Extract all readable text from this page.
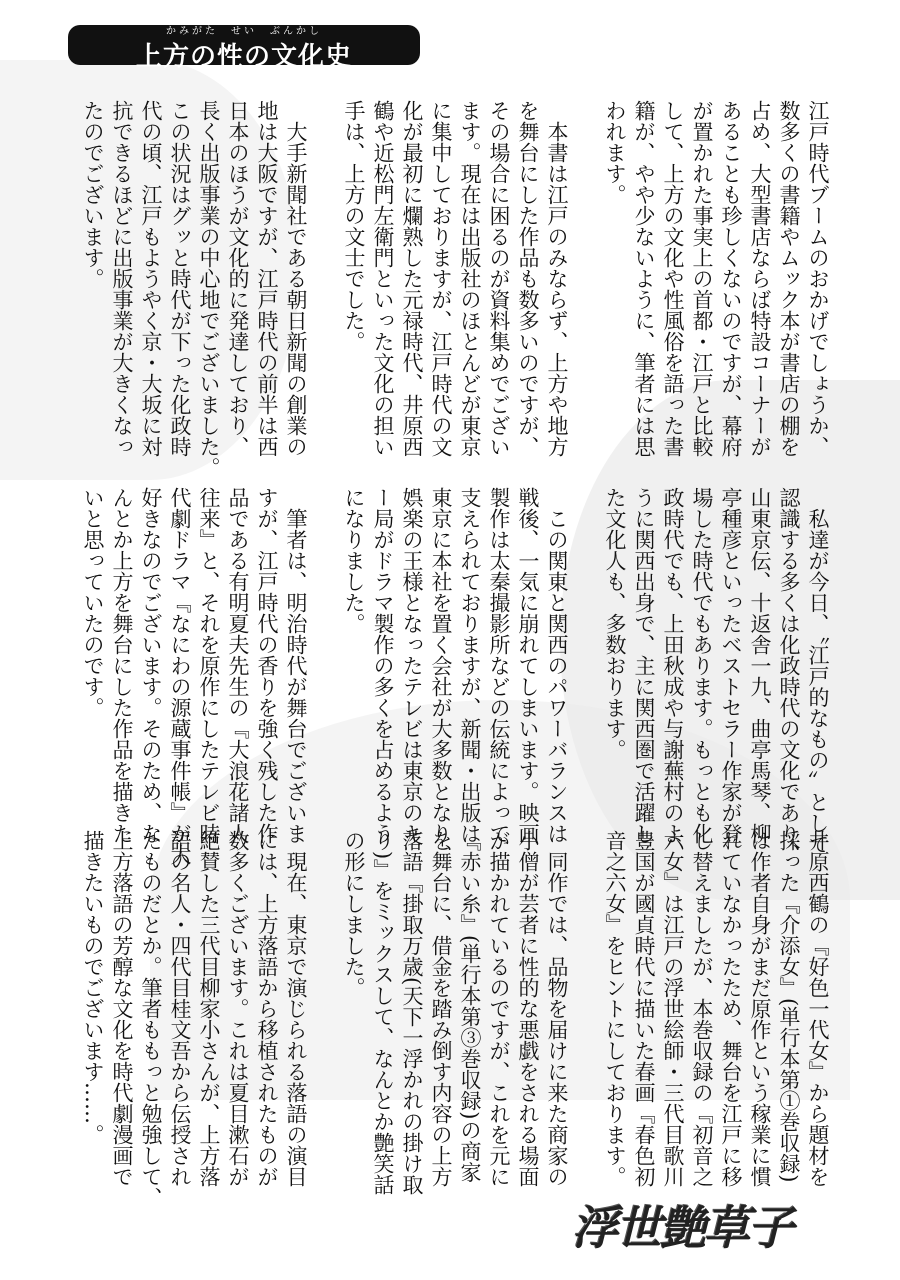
かみがた　せい　ぶんかし
上方の性の文化史
江戸時代ブームのおかげでしょうか、
数多くの書籍やムック本が書店の棚を
占め、大型書店ならば特設コーナーが
あることも珍しくないのですが、幕府
が置かれた事実上の首都・江戸と比較
して、上方の文化や性風俗を語った書
籍が、やや少ないように、筆者には思
われます。
　本書は江戸のみならず、上方や地方
を舞台にした作品も数多いのですが、
その場合に困るのが資料集めでござい
ます。現在は出版社のほとんどが東京
に集中しておりますが、江戸時代の文
化が最初に爛熟した元禄時代、井原西
鶴や近松門左衛門といった文化の担い
手は、上方の文士でした。
　大手新聞社である朝日新聞の創業の
地は大阪ですが、江戸時代の前半は西
日本のほうが文化的に発達しており、
長く出版事業の中心地でございました。
この状況はグッと時代が下った化政時
代の頃、江戸もようやく京・大坂に対
抗できるほどに出版事業が大きくなっ
たのでございます。
　私達が今日、〝江戸的なもの〟として
認識する多くは化政時代の文化であり、
山東京伝、十返舎一九、曲亭馬琴、柳
亭種彦といったベストセラー作家が登
場した時代でもあります。もっとも化
政時代でも、上田秋成や与謝蕪村のよ
うに関西出身で、主に関西圏で活躍し
た文化人も、多数おります。
　この関東と関西のパワーバランスは
戦後、一気に崩れてしまいます。映画
製作は太秦撮影所などの伝統によって
支えられておりますが、新聞・出版は
東京に本社を置く会社が大多数となり、
娯楽の王様となったテレビは東京のキ
ー局がドラマ製作の多くを占めるよう
になりました。
　筆者は、明治時代が舞台でございま
すが、江戸時代の香りを強く残した作
品である有明夏夫先生の『大浪花諸人
往来』と、それを原作にしたテレビ時
代劇ドラマ『なにわの源蔵事件帳』が大
好きなのでございます。そのため、な
んとか上方を舞台にした作品を描きた
いと思っていたのです。
井原西鶴の『好色一代女』から題材を
採った『介添女』(単行本第①巻収録)
は作者自身がまだ原作という稼業に慣
れていなかったため、舞台を江戸に移
し替えましたが、本巻収録の『初音之
六女』は江戸の浮世絵師・三代目歌川
豊国が國貞時代に描いた春画『春色初
音之六女』をヒントにしております。
　同作では、品物を届けに来た商家の
小僧が芸者に性的な悪戯をされる場面
が描かれているのですが、これを元に
『赤い糸』(単行本第③巻収録)の商家
を舞台に、借金を踏み倒す内容の上方
落語『掛取万歳(天下一浮かれの掛け取
り)』をミックスして、なんとか艶笑話
の形にしました。
　現在、東京で演じられる落語の演目
には、上方落語から移植されたものが
数多くございます。これは夏目漱石が
絶賛した三代目柳家小さんが、上方落
語の名人・四代目桂文吾から伝授され
たものだとか。筆者ももっと勉強して、
上方落語の芳醇な文化を時代劇漫画で
描きたいものでございます……。
浮世艶草子
